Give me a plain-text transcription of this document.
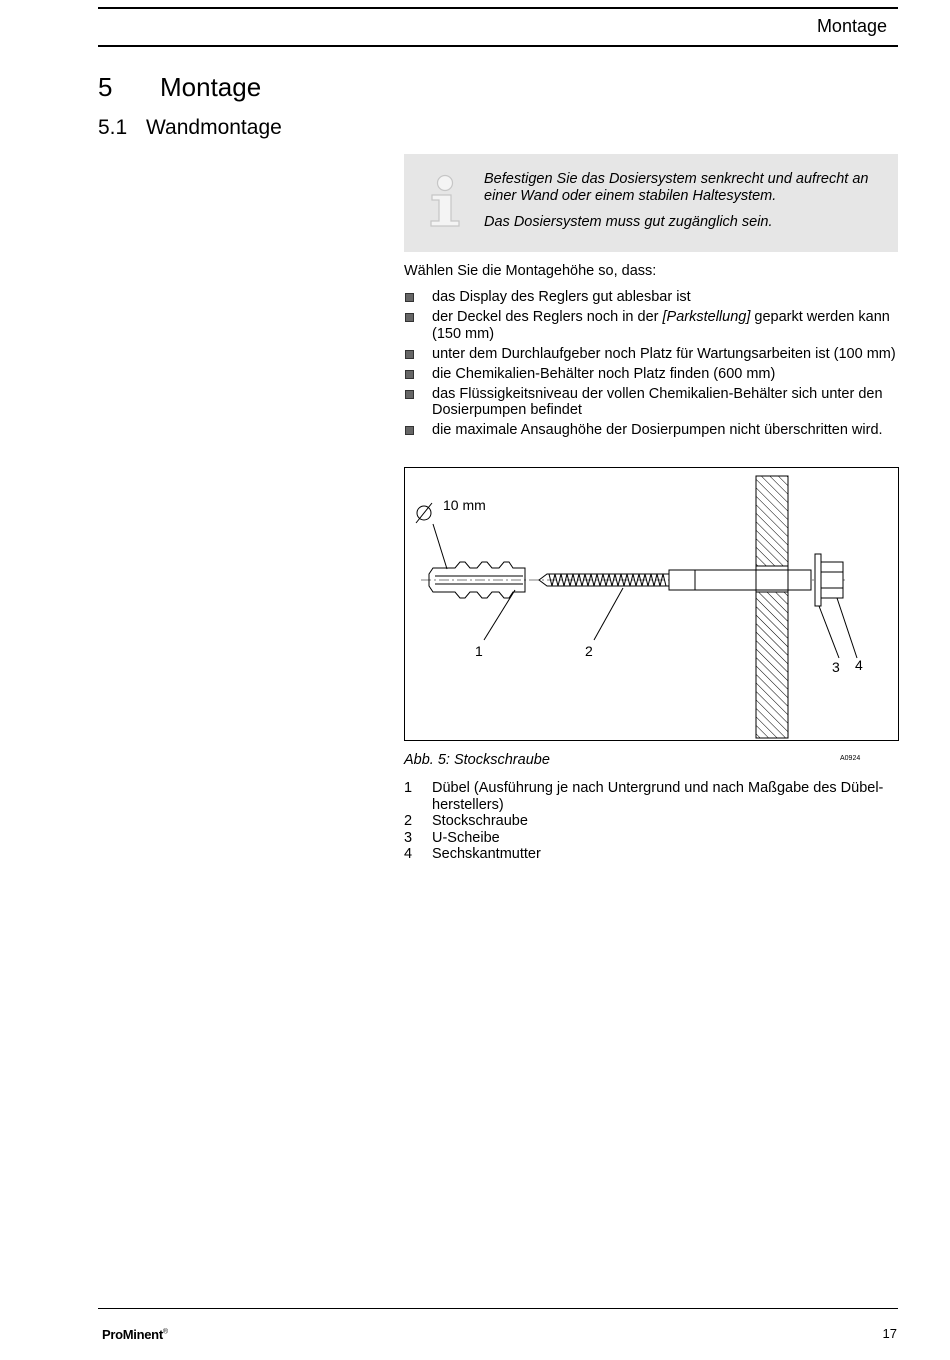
Montage
5 Montage
5.1 Wandmontage
Befestigen Sie das Dosiersystem senkrecht und aufrecht an
einer Wand oder einem stabilen Haltesystem.
Das Dosiersystem muss gut zugänglich sein.
Wählen Sie die Montagehöhe so, dass:
das Display des Reglers gut ablesbar ist
der Deckel des Reglers noch in der [Parkstellung] geparkt werden kann (150 mm)
unter dem Durchlaufgeber noch Platz für Wartungsarbeiten ist (100 mm)
die Chemikalien-Behälter noch Platz finden (600 mm)
das Flüssigkeitsniveau der vollen Chemikalien-Behälter sich unter den Dosierpumpen befindet
die maximale Ansaughöhe der Dosierpumpen nicht überschritten wird.
10 mm
1	2
3 4
A0924
Abb. 5: Stockschraube
1 Dübel (Ausführung je nach Untergrund und nach Maßgabe des Dübel-herstellers)
2 Stockschraube
3 U-Scheibe
4 Sechskantmutter
ProMinent®	17
